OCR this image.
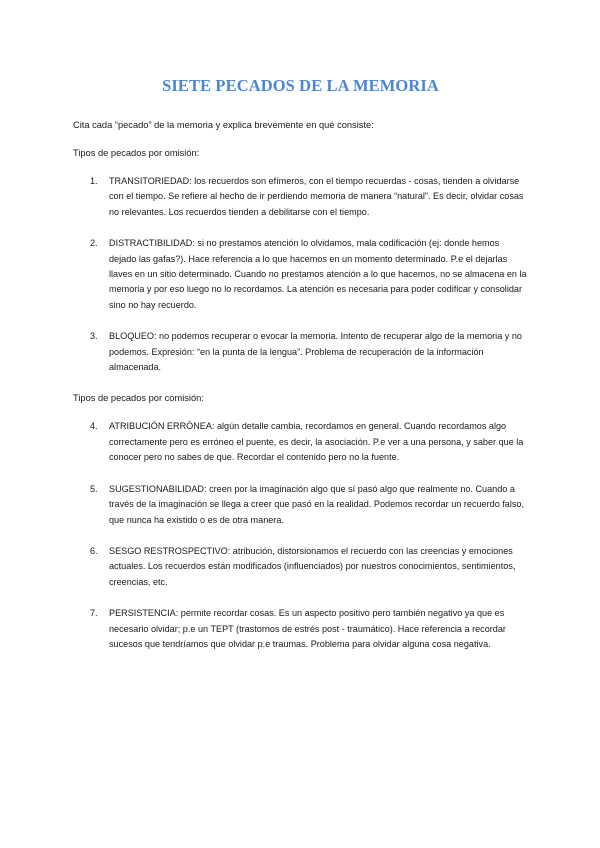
SIETE PECADOS DE LA MEMORIA

Cita cada “pecado” de la memoria y explica brevemente en qué consiste:

Tipos de pecados por omisión:

1. TRANSITORIEDAD: los recuerdos son efímeros, con el tiempo recuerdas - cosas, tienden a olvidarse con el tiempo. Se refiere al hecho de ir perdiendo memoria de manera “natural”. Es decir, olvidar cosas no relevantes. Los recuerdos tienden a debilitarse con el tiempo.
2. DISTRACTIBILIDAD: si no prestamos atención lo olvidamos, mala codificación (ej: donde hemos dejado las gafas?). Hace referencia a lo que hacemos en un momento determinado. P.e el dejarlas llaves en un sitio determinado. Cuando no prestamos atención a lo que hacemos, no se almacena en la memoria y por eso luego no lo recordamos. La atención es necesaria para poder codificar y consolidar sino no hay recuerdo.
3. BLOQUEO: no podemos recuperar o evocar la memoria. Intento de recuperar algo de la memoria y no podemos. Expresión: “en la punta de la lengua”. Problema de recuperación de la información almacenada.

Tipos de pecados por comisión:

4. ATRIBUCIÓN ERRÓNEA: algún detalle cambia, recordamos en general. Cuando recordamos algo correctamente pero es erróneo el puente, es decir, la asociación. P.e ver a una persona, y saber que la conocer pero no sabes de que. Recordar el contenido pero no la fuente.
5. SUGESTIONABILIDAD: creen por la imaginación algo que sí pasó algo que realmente no. Cuando a través de la imaginación se llega a creer que pasó en la realidad. Podemos recordar un recuerdo falso, que nunca ha existido o es de otra manera.
6. SESGO RESTROSPECTIVO: atribución, distorsionamos el recuerdo con las creencias y emociones actuales. Los recuerdos están modificados (influenciados) por nuestros conocimientos, sentimientos, creencias, etc.
7. PERSISTENCIA: permite recordar cosas. Es un aspecto positivo pero también negativo ya que es necesario olvidar; p.e un TEPT (trastornos de estrés post - traumático). Hace referencia a recordar sucesos que tendríamos que olvidar p.e traumas. Problema para olvidar alguna cosa negativa.
